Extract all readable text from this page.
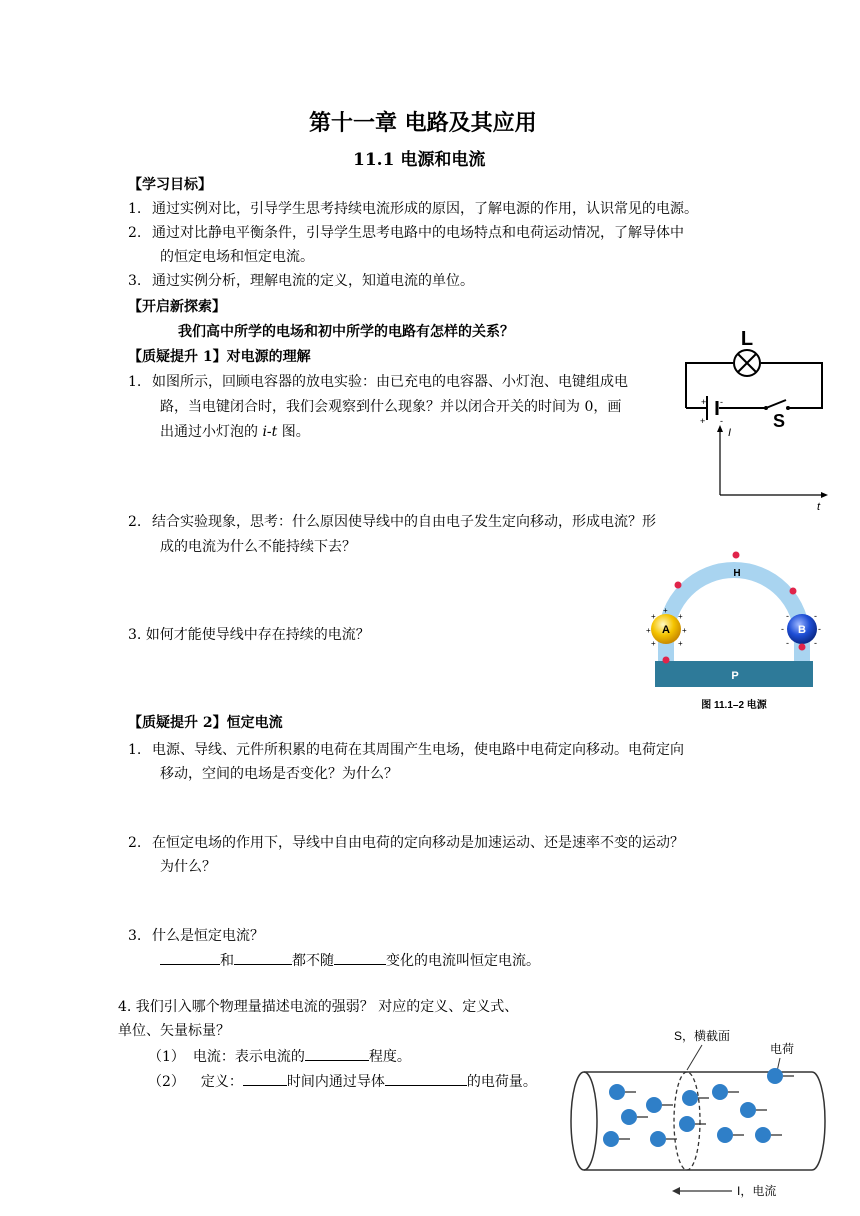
第十一章 电路及其应用
11.1 电源和电流
【学习目标】
1. 通过实例对比，引导学生思考持续电流形成的原因，了解电源的作用，认识常见的电源。
2. 通过对比静电平衡条件，引导学生思考电路中的电场特点和电荷运动情况，了解导体中
的恒定电场和恒定电流。
3. 通过实例分析，理解电流的定义，知道电流的单位。
【开启新探索】
我们高中所学的电场和初中所学的电路有怎样的关系？
【质疑提升 1】对电源的理解
1. 如图所示，回顾电容器的放电实验：由已充电的电容器、小灯泡、电键组成电
路，当电键闭合时，我们会观察到什么现象？并以闭合开关的时间为 0，画
出通过小灯泡的 i-t 图。
2. 结合实验现象，思考：什么原因使导线中的自由电子发生定向移动，形成电流？形
成的电流为什么不能持续下去？
3. 如何才能使导线中存在持续的电流？
L
S
+ -
+ -
I
t
P
A	B
+	+
+	+
+	+
+
-	-
-	-
-	-
H
图 11.1–2 电源
【质疑提升 2】恒定电流
1. 电源、导线、元件所积累的电荷在其周围产生电场，使电路中电荷定向移动。电荷定向
移动，空间的电场是否变化？为什么？
2. 在恒定电场的作用下，导线中自由电荷的定向移动是加速运动、还是速率不变的运动？
为什么？
3. 什么是恒定电流？
和	都不随	变化的电流叫恒定电流。
4. 我们引入哪个物理量描述电流的强弱？ 对应的定义、定义式、
单位、矢量标量？
（1） 电流：表示电流的	程度。
（2） 定义：	时间内通过导体	的电荷量。
S，横截面
电荷
I，电流
